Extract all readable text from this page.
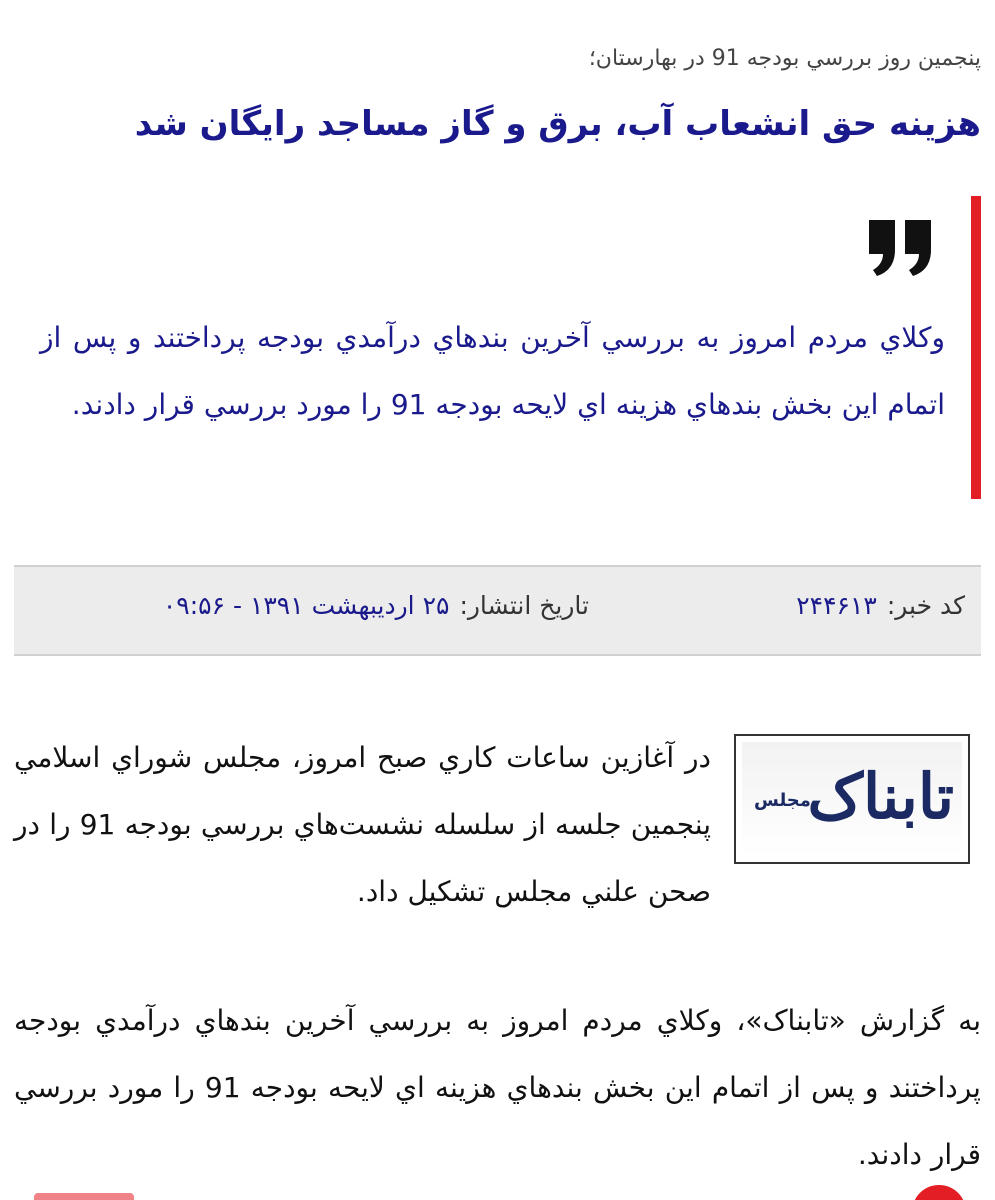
پنجمين روز بررسي بودجه 91 در بهارستان؛
هزينه حق انشعاب آب، برق و گاز مساجد رايگان شد
وكلاي مردم امروز به بررسي آخرين بندهاي درآمدي بودجه پرداختند و پس از اتمام اين بخش بندهاي هزينه اي لايحه بودجه 91 را مورد بررسي قرار دادند.
کد خبر:۲۴۴۶۱۳
تاریخ انتشار:۲۵ اردیبهشت ۱۳۹۱ - ۰۹:۵۶
تابناک
مجلس
در آغازين ساعات كاري صبح امروز، مجلس شوراي اسلامي پنجمين جلسه از سلسله نشست‌هاي بررسي بودجه 91 را در صحن علني مجلس تشكيل داد.
به گزارش «تابناک»، وكلاي مردم امروز به بررسي آخرين بندهاي درآمدي بودجه پرداختند و پس از اتمام اين بخش بندهاي هزينه اي لايحه بودجه 91 را مورد بررسي قرار دادند.
